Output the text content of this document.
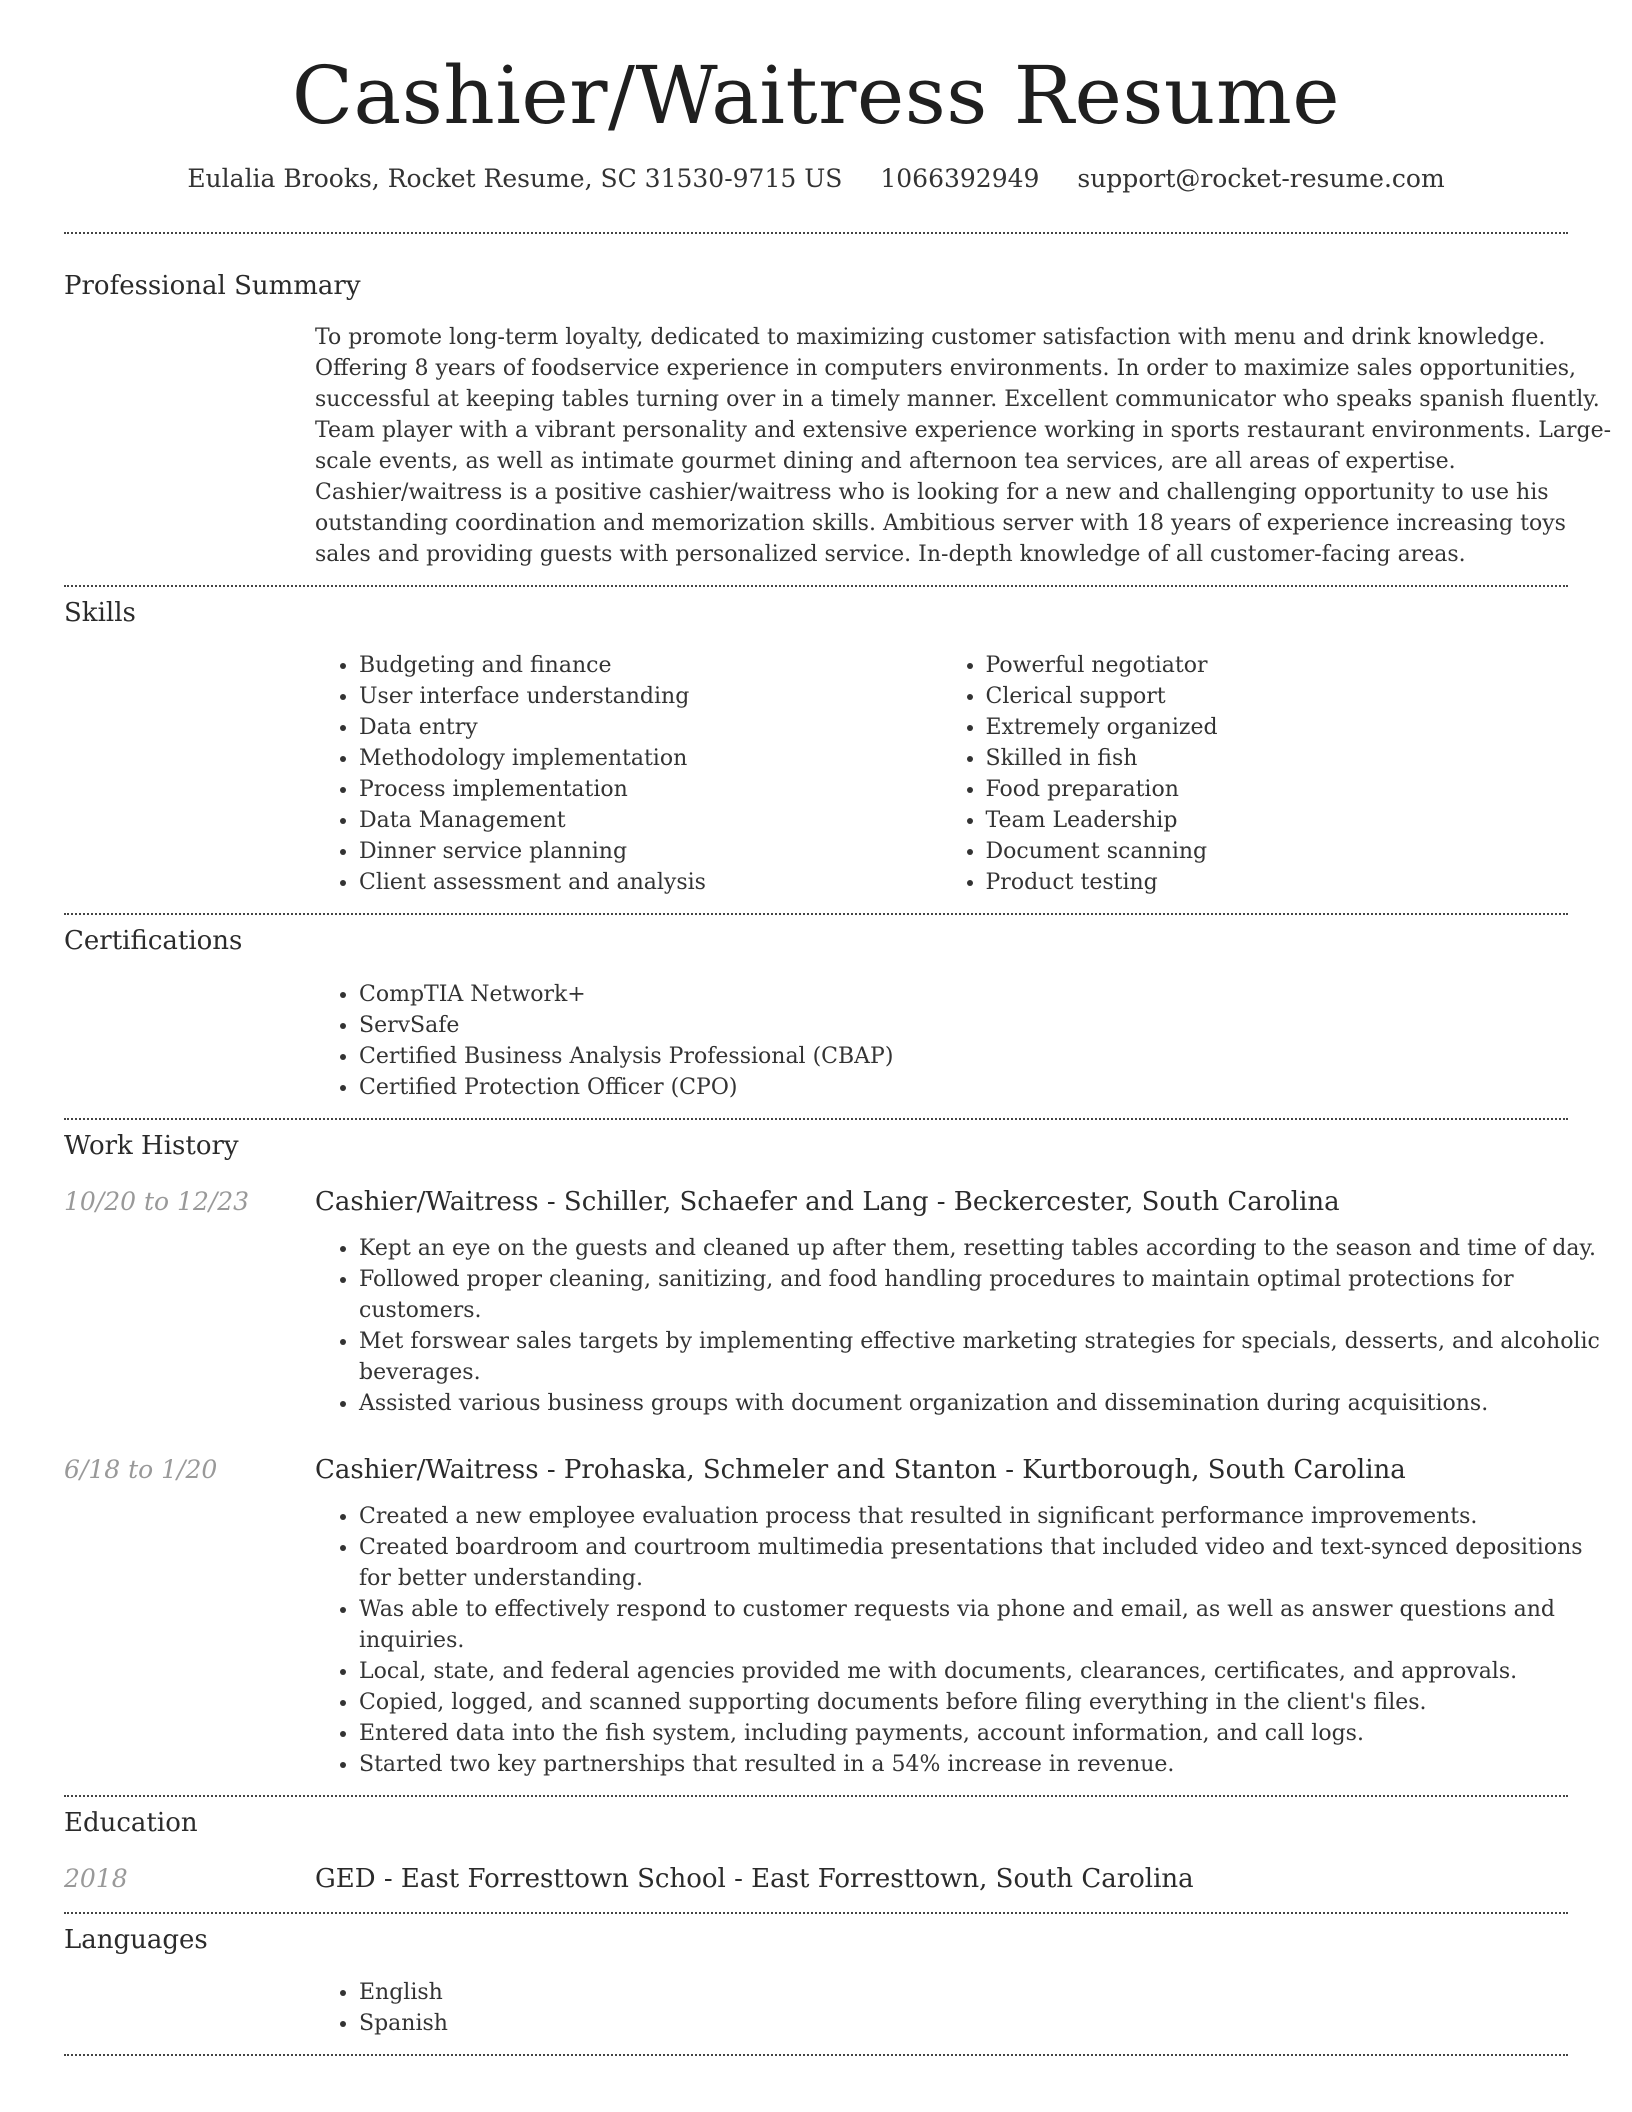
Cashier/Waitress Resume
Eulalia Brooks, Rocket Resume, SC 31530-9715 US 1066392949 support@rocket-resume.com
Professional Summary
To promote long-term loyalty, dedicated to maximizing customer satisfaction with menu and drink knowledge. Offering 8 years of foodservice experience in computers environments. In order to maximize sales opportunities, successful at keeping tables turning over in a timely manner. Excellent communicator who speaks spanish fluently. Team player with a vibrant personality and extensive experience working in sports restaurant environments. Large-scale events, as well as intimate gourmet dining and afternoon tea services, are all areas of expertise. Cashier/waitress is a positive cashier/waitress who is looking for a new and challenging opportunity to use his outstanding coordination and memorization skills. Ambitious server with 18 years of experience increasing toys sales and providing guests with personalized service. In-depth knowledge of all customer-facing areas.
Skills
• Budgeting and finance
• User interface understanding
• Data entry
• Methodology implementation
• Process implementation
• Data Management
• Dinner service planning
• Client assessment and analysis
• Powerful negotiator
• Clerical support
• Extremely organized
• Skilled in fish
• Food preparation
• Team Leadership
• Document scanning
• Product testing
Certifications
• CompTIA Network+
• ServSafe
• Certified Business Analysis Professional (CBAP)
• Certified Protection Officer (CPO)
Work History
10/20 to 12/23	Cashier/Waitress - Schiller, Schaefer and Lang - Beckercester, South Carolina
• Kept an eye on the guests and cleaned up after them, resetting tables according to the season and time of day.
• Followed proper cleaning, sanitizing, and food handling procedures to maintain optimal protections for customers.
• Met forswear sales targets by implementing effective marketing strategies for specials, desserts, and alcoholic beverages.
• Assisted various business groups with document organization and dissemination during acquisitions.
6/18 to 1/20	Cashier/Waitress - Prohaska, Schmeler and Stanton - Kurtborough, South Carolina
• Created a new employee evaluation process that resulted in significant performance improvements.
• Created boardroom and courtroom multimedia presentations that included video and text-synced depositions for better understanding.
• Was able to effectively respond to customer requests via phone and email, as well as answer questions and inquiries.
• Local, state, and federal agencies provided me with documents, clearances, certificates, and approvals.
• Copied, logged, and scanned supporting documents before filing everything in the client's files.
• Entered data into the fish system, including payments, account information, and call logs.
• Started two key partnerships that resulted in a 54% increase in revenue.
Education
2018	GED - East Forresttown School - East Forresttown, South Carolina
Languages
• English
• Spanish
